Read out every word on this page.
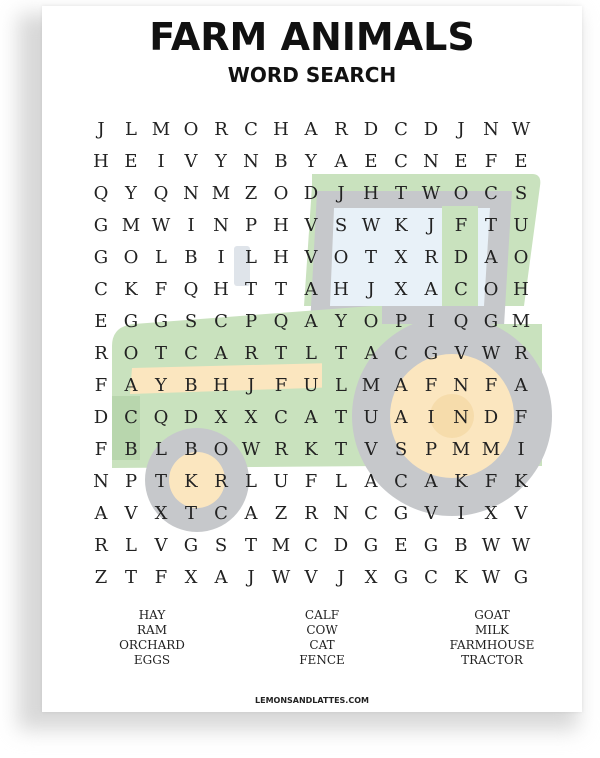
FARM ANIMALS
WORD SEARCH
J	L M O R C H A R D C D	J	N W
H E	I	V Y N B Y A E C N E F E
Q Y Q N M Z O D	J	H T W O C S
G M W I	N P H V S W K	J	F T U
G O L B	I	L H V O T X R D A O
C K F Q H T T A H	J	X A C O H
E G G S C P Q A Y O P	I	Q G M
R O T C A R T	L	T A C G V W R
F A Y B H	J	F U L M A F N F A
D C Q D X X C A T U A	I	N D F
F B L B O W R K T V S P M M I
N P T K R L U F L A C A K F K
A V X T C A Z R N C G V	I	X V
R L V G S T M C D G E G B W W
Z T F X A	J W V	J	X G C K W G
HAY
RAM
ORCHARD
EGGS
CALF
COW
CAT
FENCE
GOAT
MILK
FARMHOUSE
TRACTOR
LEMONSANDLATTES.COM
